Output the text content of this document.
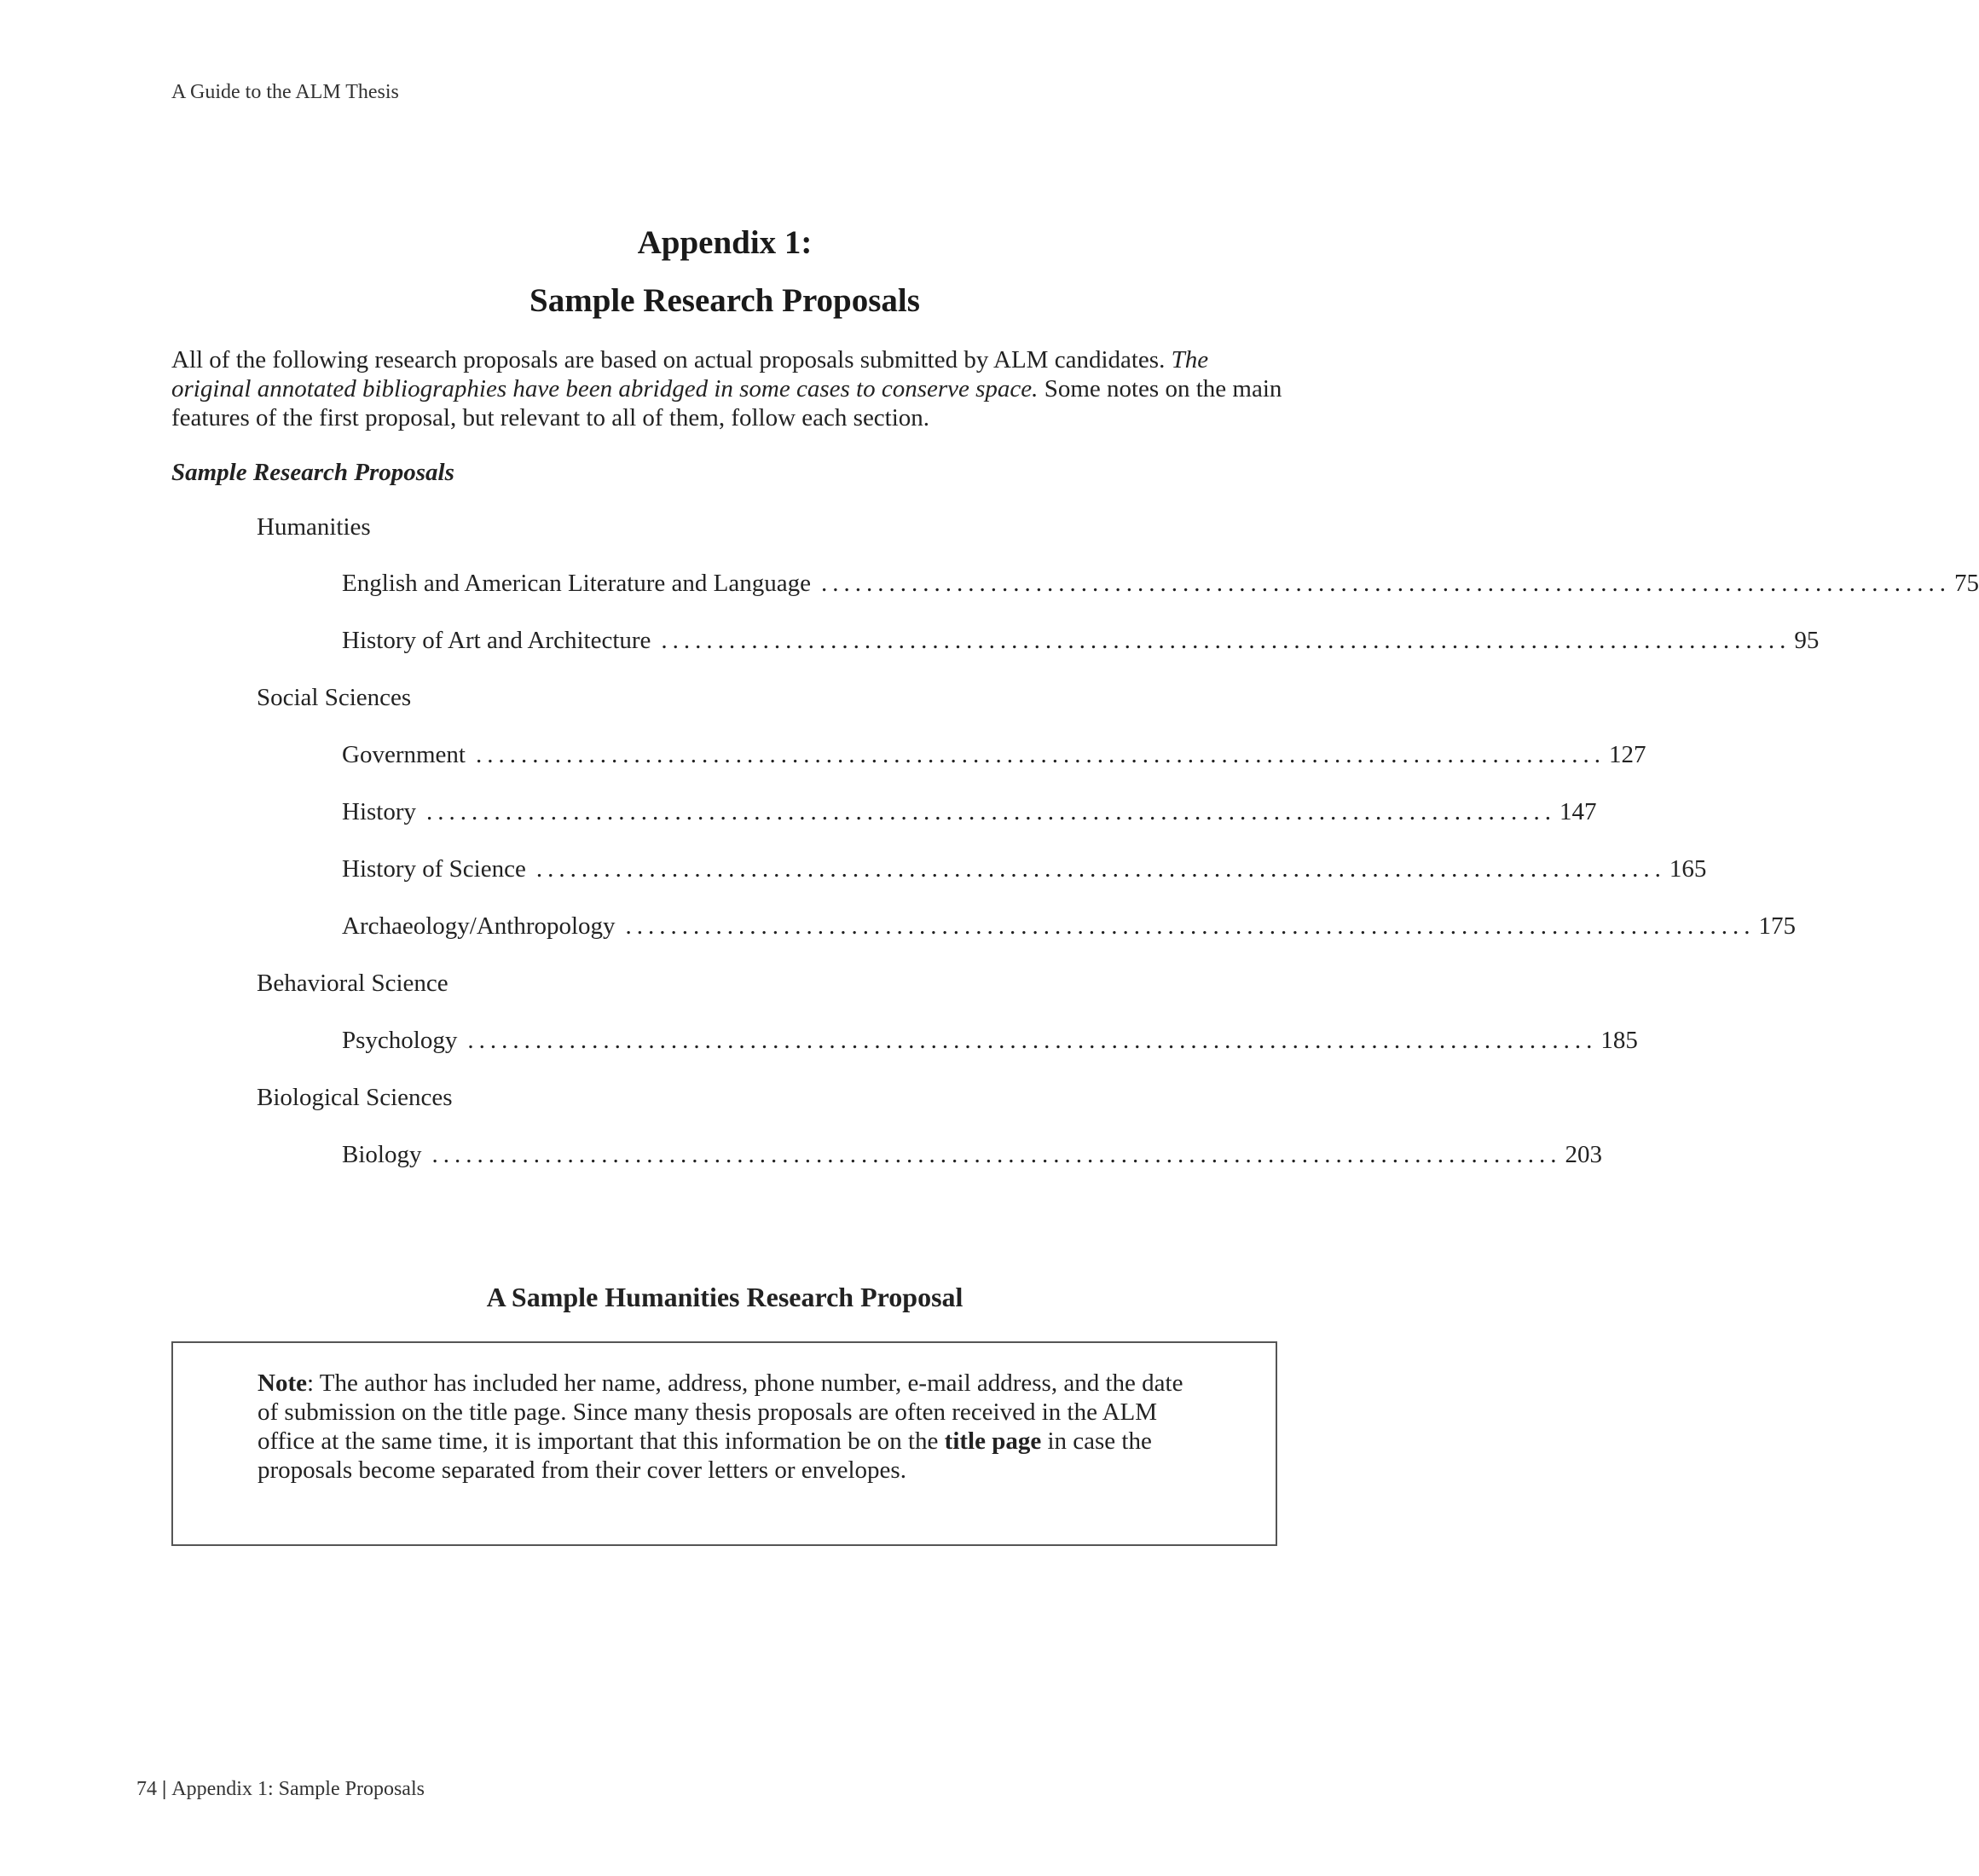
A Guide to the ALM Thesis
Appendix 1:
Sample Research Proposals
All of the following research proposals are based on actual proposals submitted by ALM candidates. The original annotated bibliographies have been abridged in some cases to conserve space. Some notes on the main features of the first proposal, but relevant to all of them, follow each section.
Sample Research Proposals
Humanities
English and American Literature and Language .................................................................................................... 75
History of Art and Architecture .................................................................................................... 95
Social Sciences
Government .................................................................................................... 127
History .................................................................................................... 147
History of Science .................................................................................................... 165
Archaeology/Anthropology .................................................................................................... 175
Behavioral Science
Psychology .................................................................................................... 185
Biological Sciences
Biology .................................................................................................... 203
A Sample Humanities Research Proposal
Note: The author has included her name, address, phone number, e-mail address, and the date of submission on the title page. Since many thesis proposals are often received in the ALM office at the same time, it is important that this information be on the title page in case the proposals become separated from their cover letters or envelopes.
74 | Appendix 1: Sample Proposals
